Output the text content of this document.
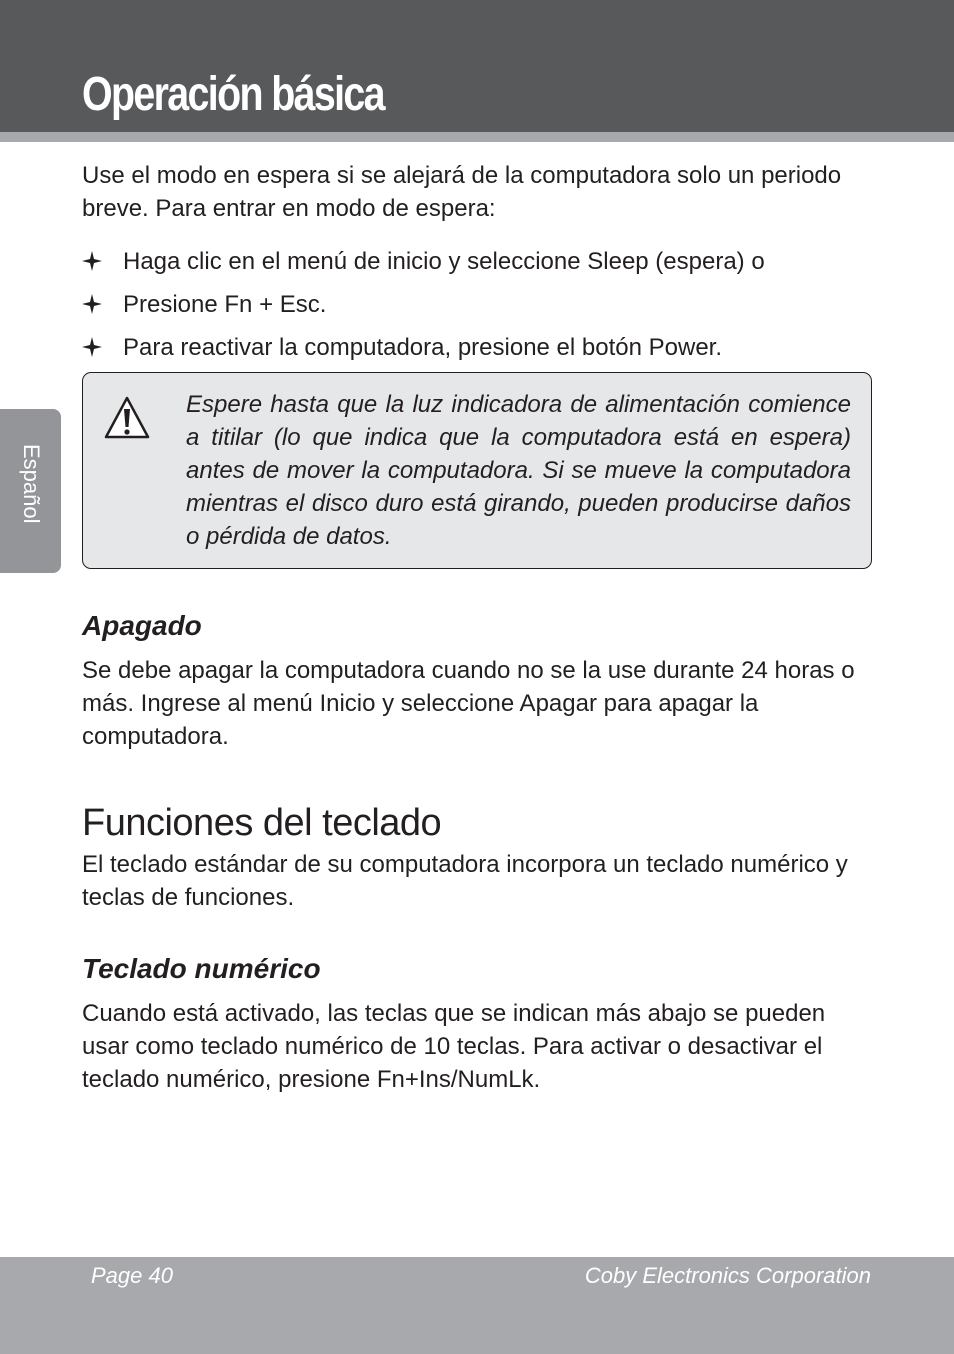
Operación básica
Español

Use el modo en espera si se alejará de la computadora solo un periodo breve. Para entrar en modo de espera:

Haga clic en el menú de inicio y seleccione Sleep (espera) o
Presione Fn + Esc.
Para reactivar la computadora, presione el botón Power.

Espere hasta que la luz indicadora de alimentación comience a titilar (lo que indica que la computadora está en espera) antes de mover la computadora. Si se mueve la computadora mientras el disco duro está girando, pueden producirse daños o pérdida de datos.

Apagado

Se debe apagar la computadora cuando no se la use durante 24 horas o más. Ingrese al menú Inicio y seleccione Apagar para apagar la computadora.

Funciones del teclado

El teclado estándar de su computadora incorpora un teclado numérico y teclas de funciones.

Teclado numérico

Cuando está activado, las teclas que se indican más abajo se pueden usar como teclado numérico de 10 teclas. Para activar o desactivar el teclado numérico, presione Fn+Ins/NumLk.

Page 40	Coby Electronics Corporation
